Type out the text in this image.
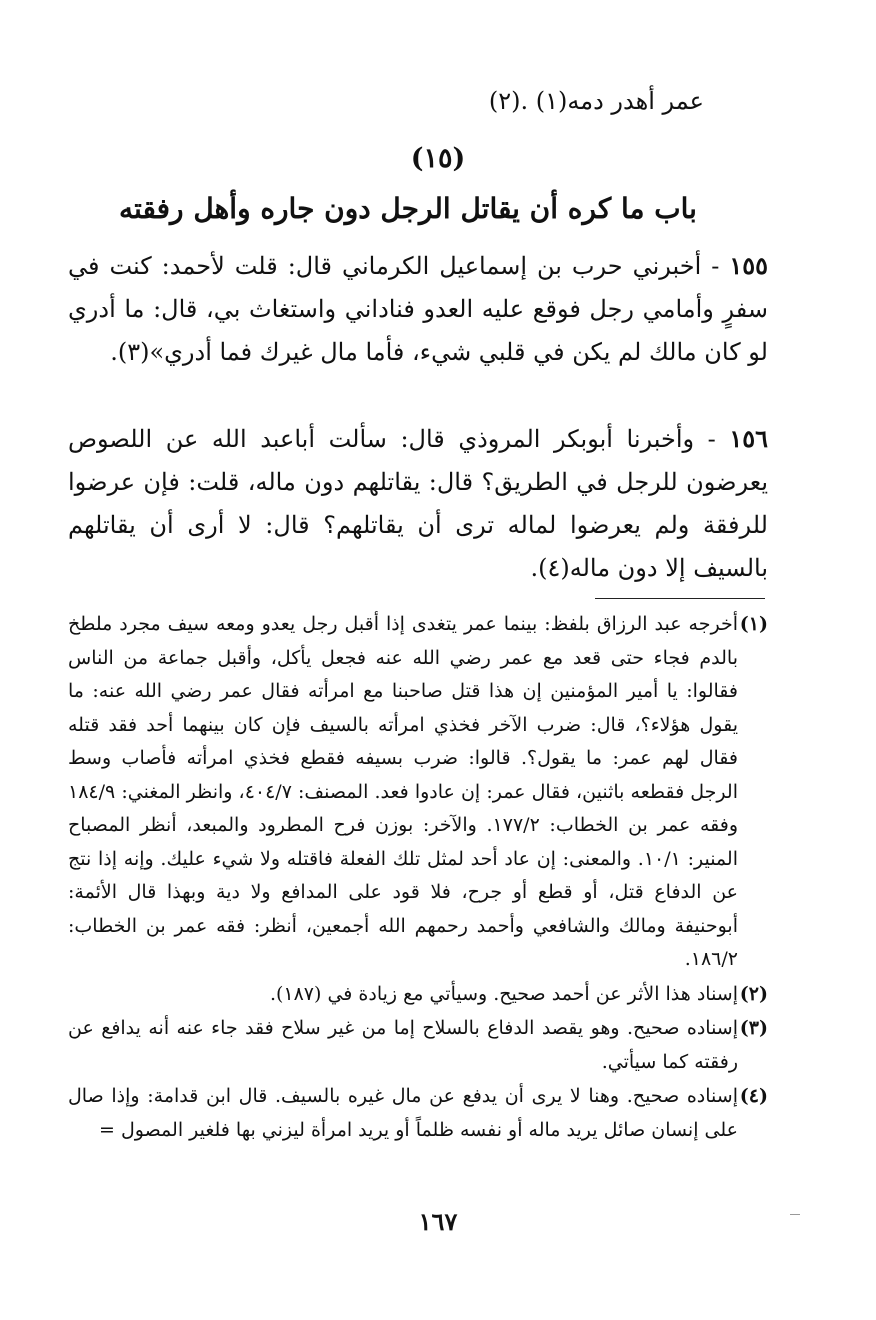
عمر أهدر دمه(١) .(٢)
(١٥)
باب ما كره أن يقاتل الرجل دون جاره وأهل رفقته
١٥٥ - أخبرني حرب بن إسماعيل الكرماني قال: قلت لأحمد: كنت في سفرٍ وأمامي رجل فوقع عليه العدو فناداني واستغاث بي، قال: ما أدري لو كان مالك لم يكن في قلبي شيء، فأما مال غيرك فما أدري»(٣).
١٥٦ - وأخبرنا أبوبكر المروذي قال: سألت أباعبد الله عن اللصوص يعرضون للرجل في الطريق؟ قال: يقاتلهم دون ماله، قلت: فإن عرضوا للرفقة ولم يعرضوا لماله ترى أن يقاتلهم؟ قال: لا أرى أن يقاتلهم بالسيف إلا دون ماله(٤).
(١)
أخرجه عبد الرزاق بلفظ: بينما عمر يتغدى إذا أقبل رجل يعدو ومعه سيف مجرد ملطخ بالدم فجاء حتى قعد مع عمر رضي الله عنه فجعل يأكل، وأقبل جماعة من الناس فقالوا: يا أمير المؤمنين إن هذا قتل صاحبنا مع امرأته فقال عمر رضي الله عنه: ما يقول هؤلاء؟، قال: ضرب الآخر فخذي امرأته بالسيف فإن كان بينهما أحد فقد قتله فقال لهم عمر: ما يقول؟. قالوا: ضرب بسيفه فقطع فخذي امرأته فأصاب وسط الرجل فقطعه باثنين، فقال عمر: إن عادوا فعد. المصنف: ٤٠٤/٧، وانظر المغني: ١٨٤/٩ وفقه عمر بن الخطاب: ١٧٧/٢. والآخر: بوزن فرح المطرود والمبعد، أنظر المصباح المنير: ١٠/١. والمعنى: إن عاد أحد لمثل تلك الفعلة فاقتله ولا شيء عليك. وإنه إذا نتج عن الدفاع قتل، أو قطع أو جرح، فلا قود على المدافع ولا دية وبهذا قال الأئمة: أبوحنيفة ومالك والشافعي وأحمد رحمهم الله أجمعين، أنظر: فقه عمر بن الخطاب: ١٨٦/٢.
(٢)
إسناد هذا الأثر عن أحمد صحيح. وسيأتي مع زيادة في (١٨٧).
(٣)
إسناده صحيح. وهو يقصد الدفاع بالسلاح إما من غير سلاح فقد جاء عنه أنه يدافع عن رفقته كما سيأتي.
(٤)
إسناده صحيح. وهنا لا يرى أن يدفع عن مال غيره بالسيف. قال ابن قدامة: وإذا صال على إنسان صائل يريد ماله أو نفسه ظلماً أو يريد امرأة ليزني بها فلغير المصول =
١٦٧
